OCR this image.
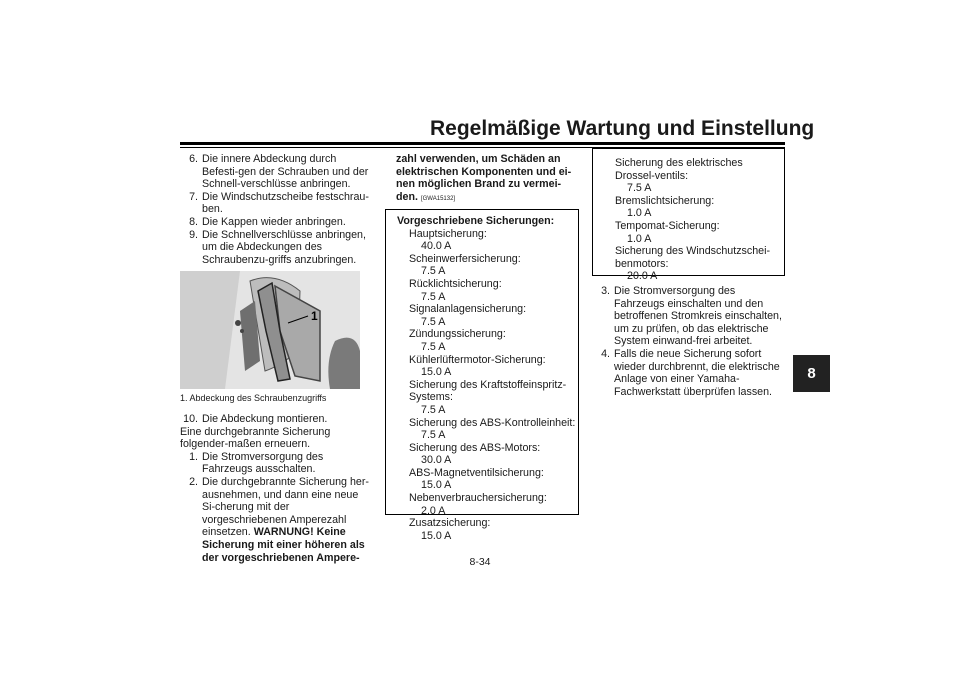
Regelmäßige Wartung und Einstellung
8
6. Die innere Abdeckung durch Befesti-gen der Schrauben und der Schnell-verschlüsse anbringen.
7. Die Windschutzscheibe festschrau-ben.
8. Die Kappen wieder anbringen.
9. Die Schnellverschlüsse anbringen, um die Abdeckungen des Schraubenzu-griffs anzubringen.
1
1. Abdeckung des Schraubenzugriffs
10. Die Abdeckung montieren.
Eine durchgebrannte Sicherung folgender-maßen erneuern.
1. Die Stromversorgung des Fahrzeugs ausschalten.
2. Die durchgebrannte Sicherung her-ausnehmen, und dann eine neue Si-cherung mit der vorgeschriebenen Amperezahl einsetzen. WARNUNG! Keine Sicherung mit einer höheren als der vorgeschriebenen Ampere-
zahl verwenden, um Schäden an elektrischen Komponenten und ei-nen möglichen Brand zu vermei-den. [GWA15132]
Vorgeschriebene Sicherungen:
Hauptsicherung:
40.0 A
Scheinwerfersicherung:
7.5 A
Rücklichtsicherung:
7.5 A
Signalanlagensicherung:
7.5 A
Zündungssicherung:
7.5 A
Kühlerlüftermotor-Sicherung:
15.0 A
Sicherung des Kraftstoffeinspritz-Systems:
7.5 A
Sicherung des ABS-Kontrolleinheit:
7.5 A
Sicherung des ABS-Motors:
30.0 A
ABS-Magnetventilsicherung:
15.0 A
Nebenverbrauchersicherung:
2.0 A
Zusatzsicherung:
15.0 A
Sicherung des elektrisches Drossel-ventils:
7.5 A
Bremslichtsicherung:
1.0 A
Tempomat-Sicherung:
1.0 A
Sicherung des Windschutzschei-benmotors:
20.0 A
3. Die Stromversorgung des Fahrzeugs einschalten und den betroffenen Stromkreis einschalten, um zu prüfen, ob das elektrische System einwand-frei arbeitet.
4. Falls die neue Sicherung sofort wieder durchbrennt, die elektrische Anlage von einer Yamaha-Fachwerkstatt überprüfen lassen.
8-34
